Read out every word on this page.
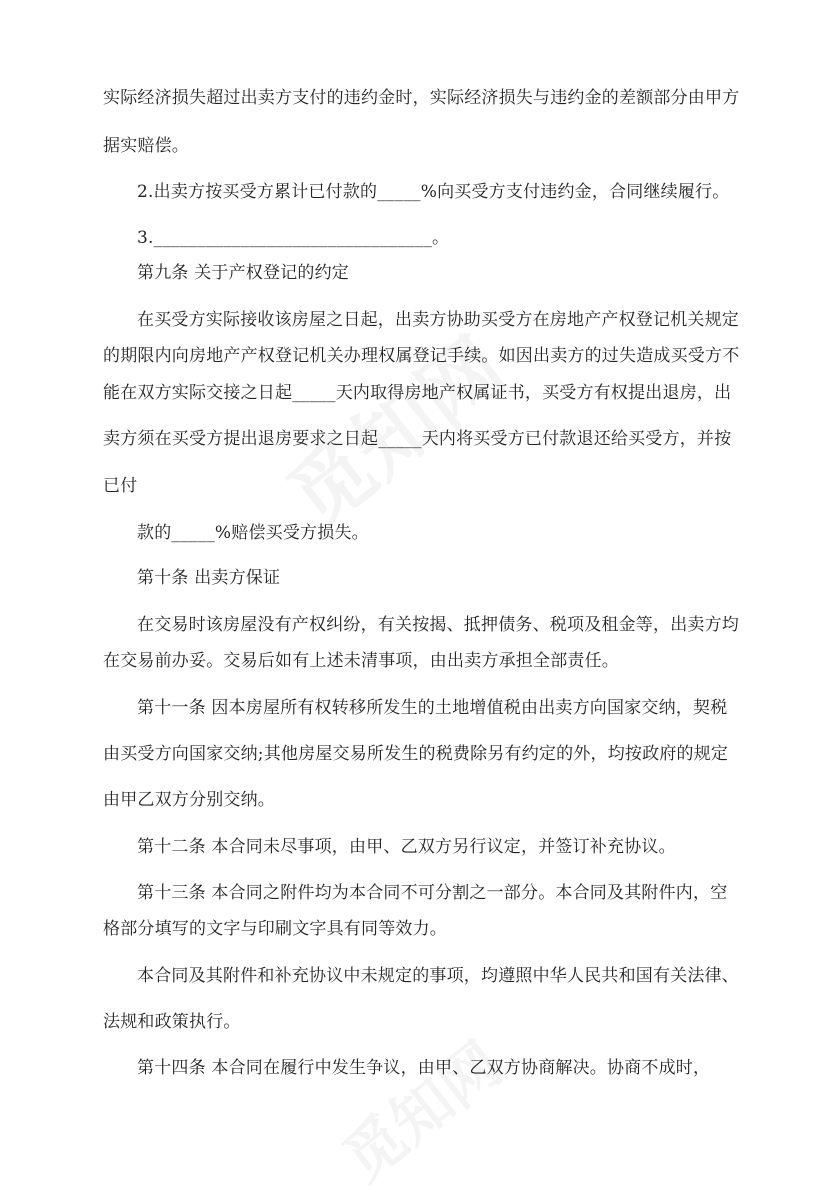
实际经济损失超过出卖方支付的违约金时，实际经济损失与违约金的差额部分由甲方
据实赔偿。
2.出卖方按买受方累计已付款的_____%向买受方支付违约金，合同继续履行。
3.________________________________。
第九条 关于产权登记的约定
在买受方实际接收该房屋之日起，出卖方协助买受方在房地产产权登记机关规定
的期限内向房地产产权登记机关办理权属登记手续。如因出卖方的过失造成买受方不
能在双方实际交接之日起_____天内取得房地产权属证书，买受方有权提出退房，出
卖方须在买受方提出退房要求之日起_____天内将买受方已付款退还给买受方，并按
已付
款的_____%赔偿买受方损失。
第十条 出卖方保证
在交易时该房屋没有产权纠纷，有关按揭、抵押债务、税项及租金等，出卖方均
在交易前办妥。交易后如有上述未清事项，由出卖方承担全部责任。
第十一条 因本房屋所有权转移所发生的土地增值税由出卖方向国家交纳，契税
由买受方向国家交纳;其他房屋交易所发生的税费除另有约定的外，均按政府的规定
由甲乙双方分别交纳。
第十二条 本合同未尽事项，由甲、乙双方另行议定，并签订补充协议。
第十三条 本合同之附件均为本合同不可分割之一部分。本合同及其附件内，空
格部分填写的文字与印刷文字具有同等效力。
本合同及其附件和补充协议中未规定的事项，均遵照中华人民共和国有关法律、
法规和政策执行。
第十四条 本合同在履行中发生争议，由甲、乙双方协商解决。协商不成时，
